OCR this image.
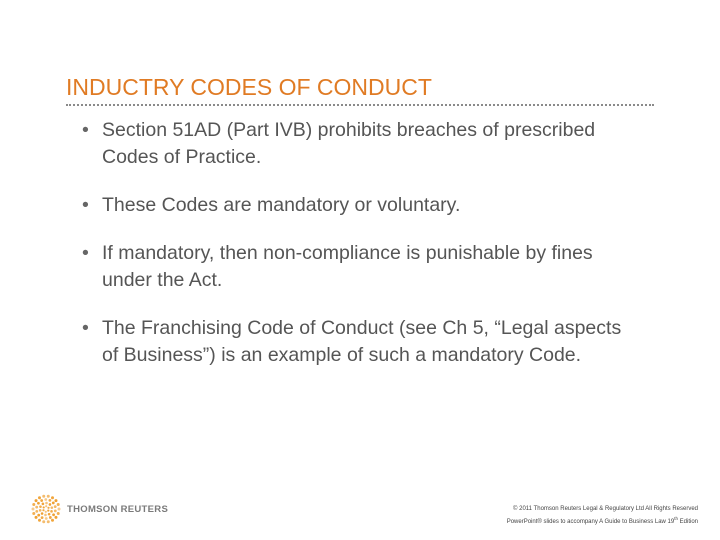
INDUCTRY CODES OF CONDUCT
• Section 51AD (Part IVB) prohibits breaches of prescribed Codes of Practice.
• These Codes are mandatory or voluntary.
• If mandatory, then non-compliance is punishable by fines under the Act.
• The Franchising Code of Conduct (see Ch 5, “Legal aspects of Business”) is an example of such a mandatory Code.
THOMSON REUTERS	© 2011 Thomson Reuters Legal & Regulatory Ltd All Rights Reserved
PowerPoint® slides to accompany A Guide to Business Law 19th Edition
